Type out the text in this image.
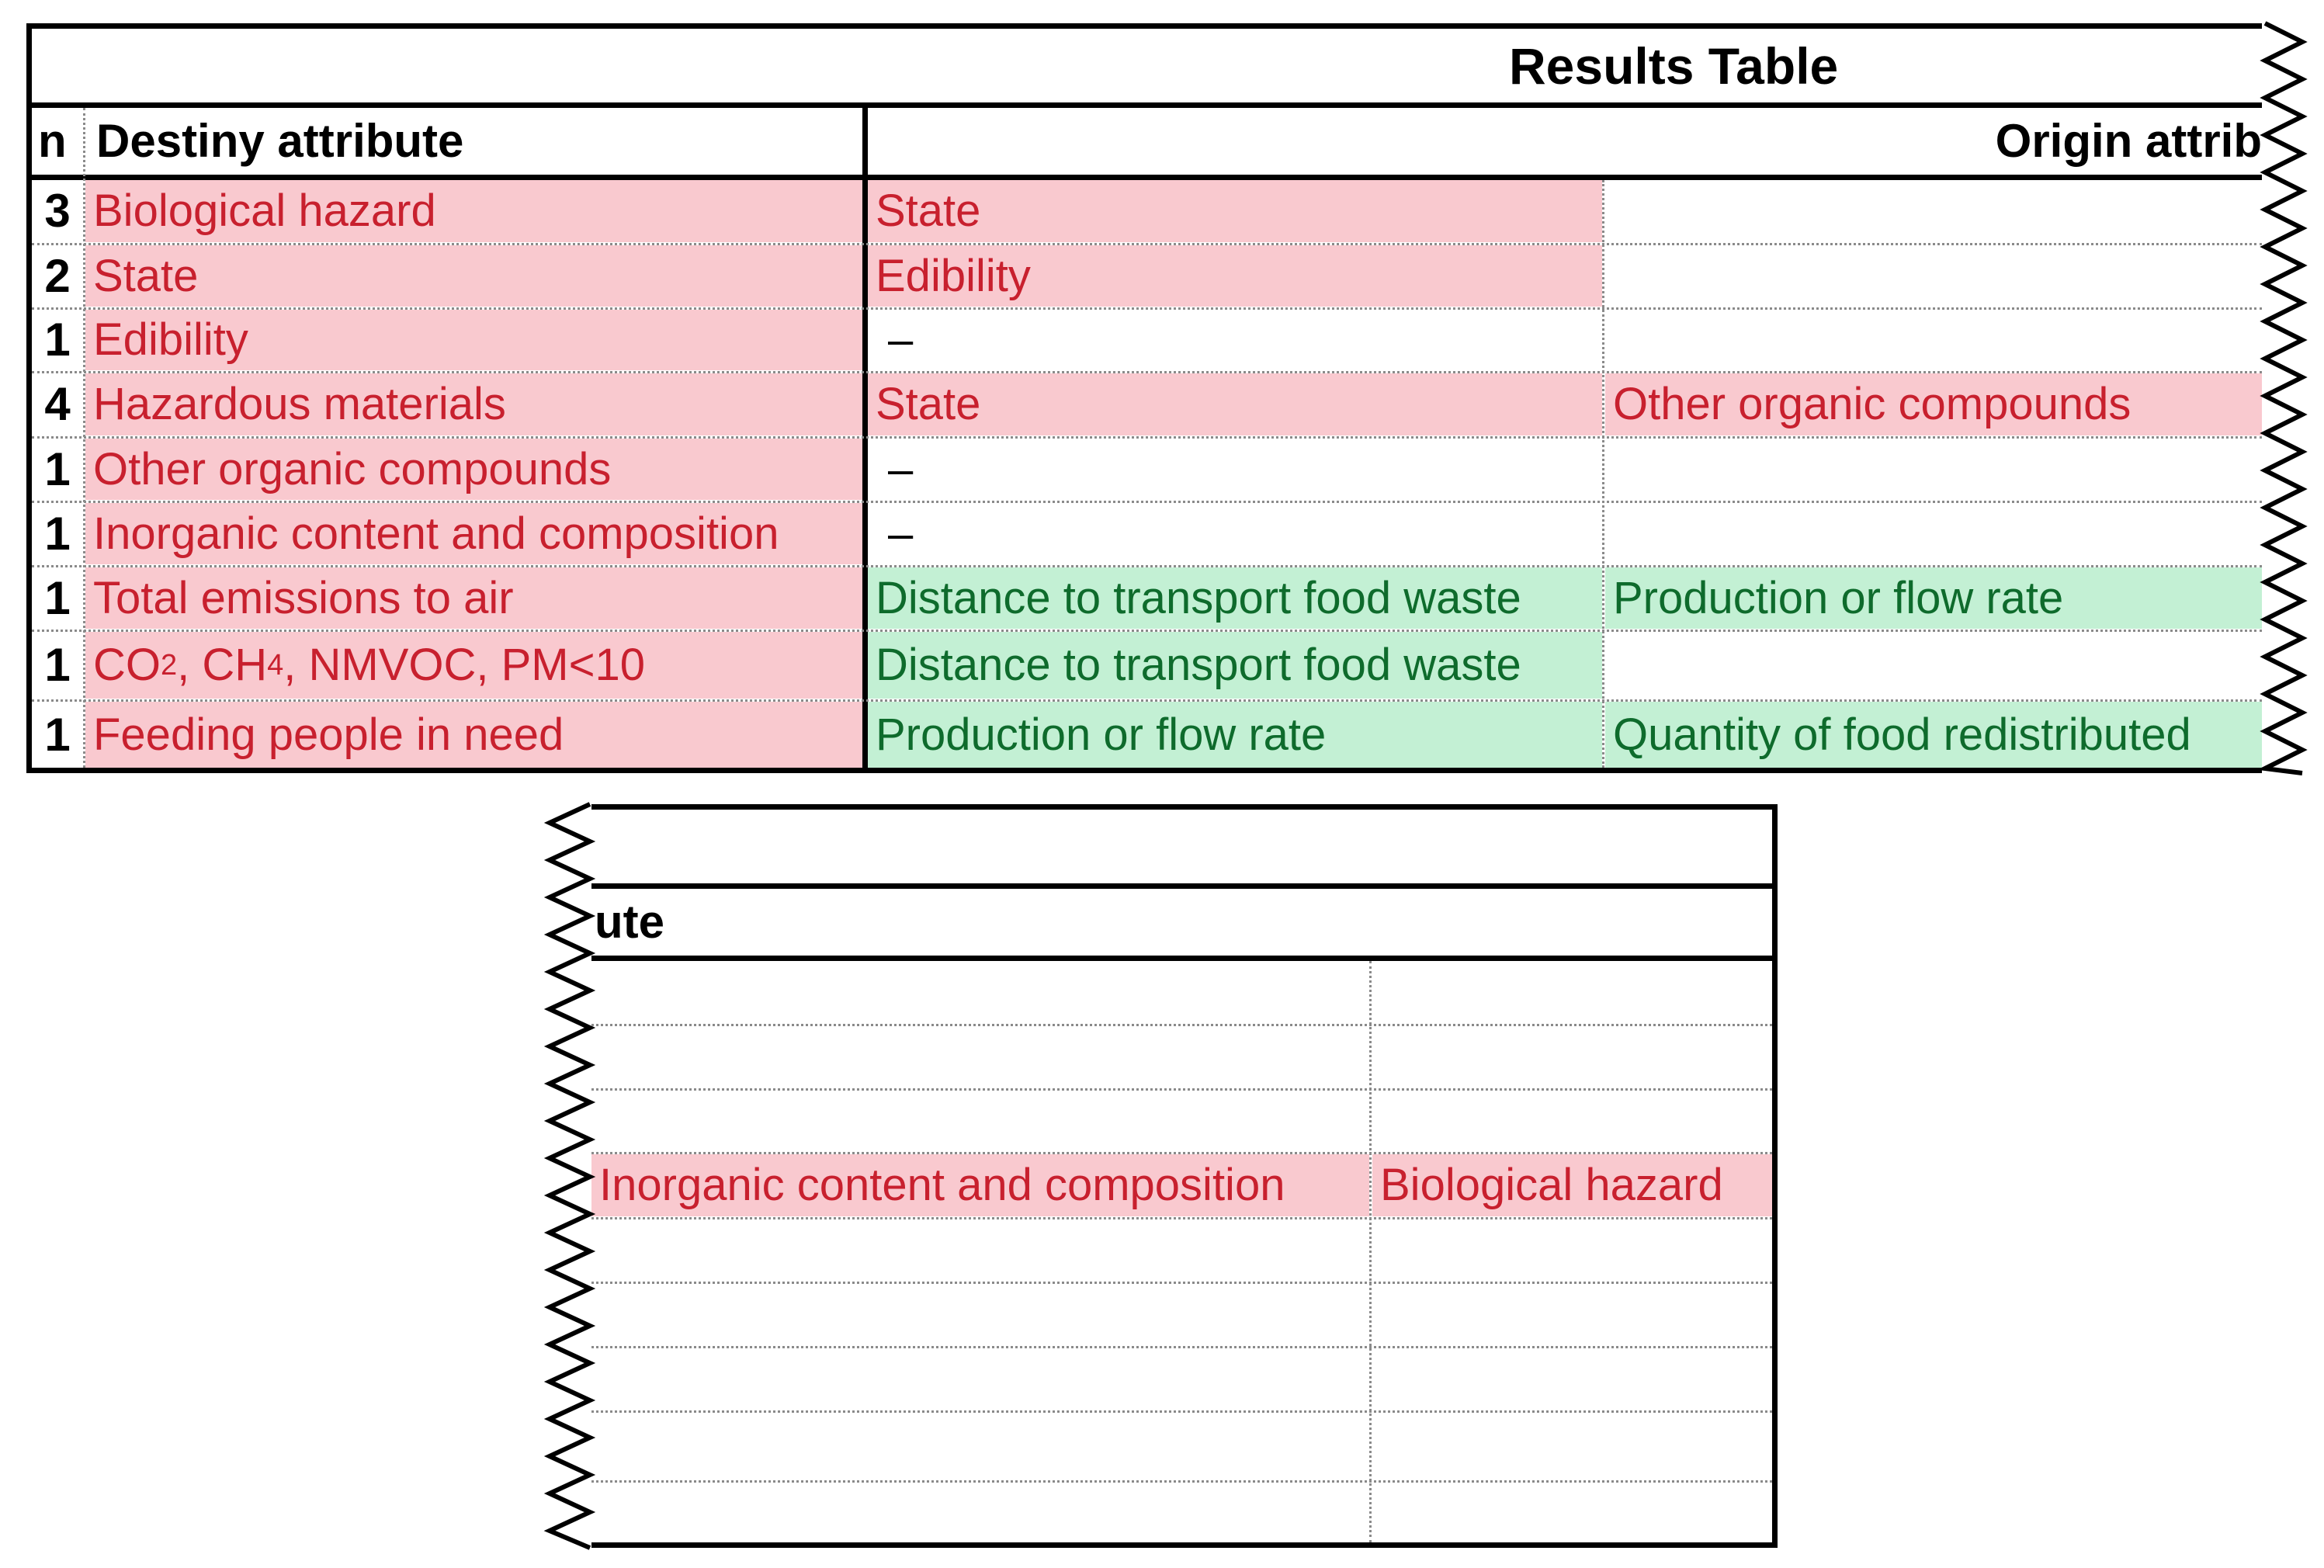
Results Table
n Destiny attribute	Origin attrib
3 Biological hazard	State
2 State	Edibility
1 Edibility	–
4 Hazardous materials	State	Other organic compounds
1 Other organic compounds	–
1 Inorganic content and composition	–
1 Total emissions to air	Distance to transport food waste	Production or flow rate
1 CO 2 , CH 4 , NMVOC, PM<10	Distance to transport food waste
1 Feeding people in need	Production or flow rate	Quantity of food redistributed
ute
Inorganic content and composition	Biological hazard
